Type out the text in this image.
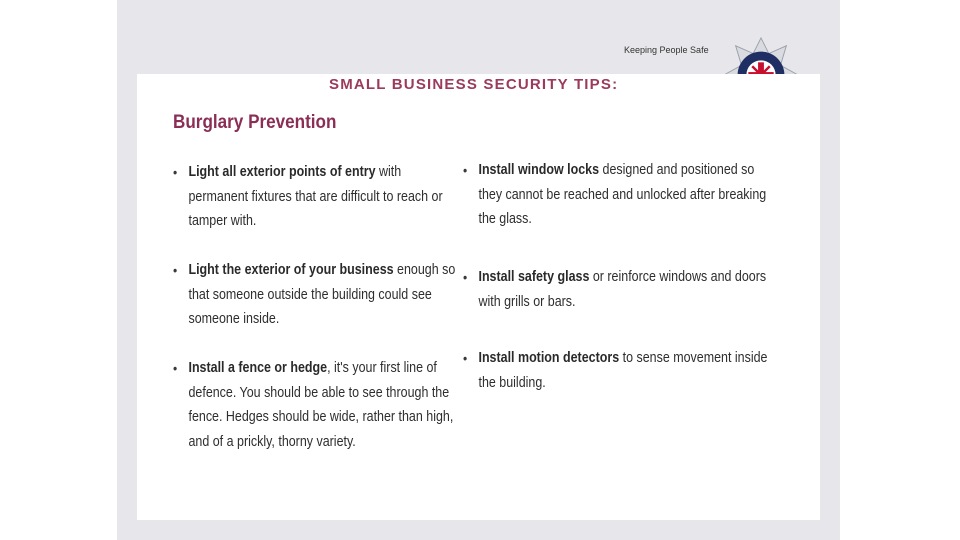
Keeping People Safe
SMALL BUSINESS SECURITY TIPS:
Burglary Prevention
• Light all exterior points of entry with permanent fixtures that are difficult to reach or tamper with.
• Light the exterior of your business enough so that someone outside the building could see someone inside.
• Install a fence or hedge, it's your first line of defence. You should be able to see through the fence. Hedges should be wide, rather than high, and of a prickly, thorny variety.
• Install window locks designed and positioned so they cannot be reached and unlocked after breaking the glass.
• Install safety glass or reinforce windows and doors with grills or bars.
• Install motion detectors to sense movement inside the building.
